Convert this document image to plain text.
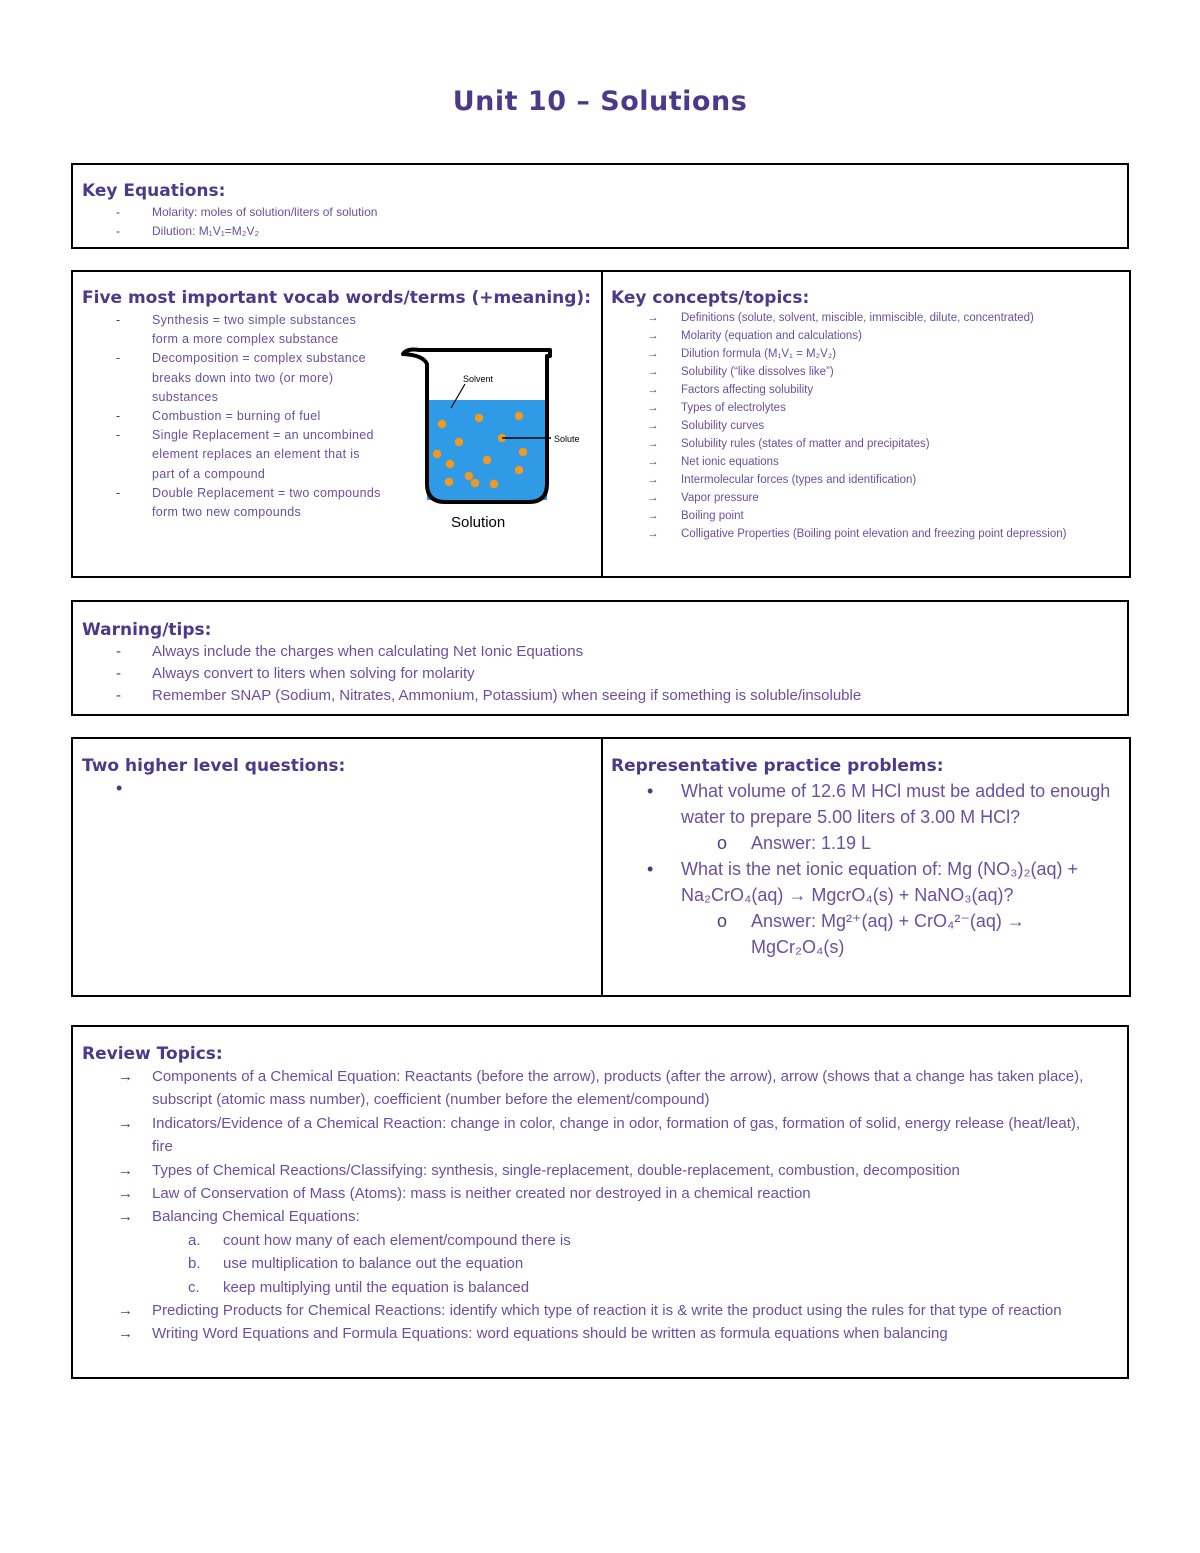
Unit 10 – Solutions
Key Equations:
-	Molarity: moles of solution/liters of solution
-	Dilution: M₁V₁=M₂V₂
Five most important vocab words/terms (+meaning):
-	Synthesis = two simple substances form a more complex substance
-	Decomposition = complex substance breaks down into two (or more) substances
-	Combustion = burning of fuel
-	Single Replacement = an uncombined element replaces an element that is part of a compound
-	Double Replacement = two compounds form two new compounds
Solvent
Solute
Solution
Key concepts/topics:
→ Definitions (solute, solvent, miscible, immiscible, dilute, concentrated)
→ Molarity (equation and calculations)
→ Dilution formula (M₁V₁ = M₂V₂)
→ Solubility (“like dissolves like”)
→ Factors affecting solubility
→ Types of electrolytes
→ Solubility curves
→ Solubility rules (states of matter and precipitates)
→ Net ionic equations
→ Intermolecular forces (types and identification)
→ Vapor pressure
→ Boiling point
→ Colligative Properties (Boiling point elevation and freezing point depression)
Warning/tips:
- Always include the charges when calculating Net Ionic Equations
- Always convert to liters when solving for molarity
- Remember SNAP (Sodium, Nitrates, Ammonium, Potassium) when seeing if something is soluble/insoluble
Two higher level questions:
•
Representative practice problems:
• What volume of 12.6 M HCl must be added to enough water to prepare 5.00 liters of 3.00 M HCl?
o Answer: 1.19 L
• What is the net ionic equation of: Mg (NO₃)₂(aq) + Na₂CrO₄(aq) → MgcrO₄(s) + NaNO₃(aq)?
o Answer: Mg²⁺(aq) + CrO₄²⁻(aq) → MgCr₂O₄(s)
Review Topics:
→ Components of a Chemical Equation: Reactants (before the arrow), products (after the arrow), arrow (shows that a change has taken place), subscript (atomic mass number), coefficient (number before the element/compound)
→ Indicators/Evidence of a Chemical Reaction: change in color, change in odor, formation of gas, formation of solid, energy release (heat/leat), fire
→ Types of Chemical Reactions/Classifying: synthesis, single-replacement, double-replacement, combustion, decomposition
→ Law of Conservation of Mass (Atoms): mass is neither created nor destroyed in a chemical reaction
→ Balancing Chemical Equations:
a. count how many of each element/compound there is
b. use multiplication to balance out the equation
c. keep multiplying until the equation is balanced
→ Predicting Products for Chemical Reactions: identify which type of reaction it is & write the product using the rules for that type of reaction
→ Writing Word Equations and Formula Equations: word equations should be written as formula equations when balancing
